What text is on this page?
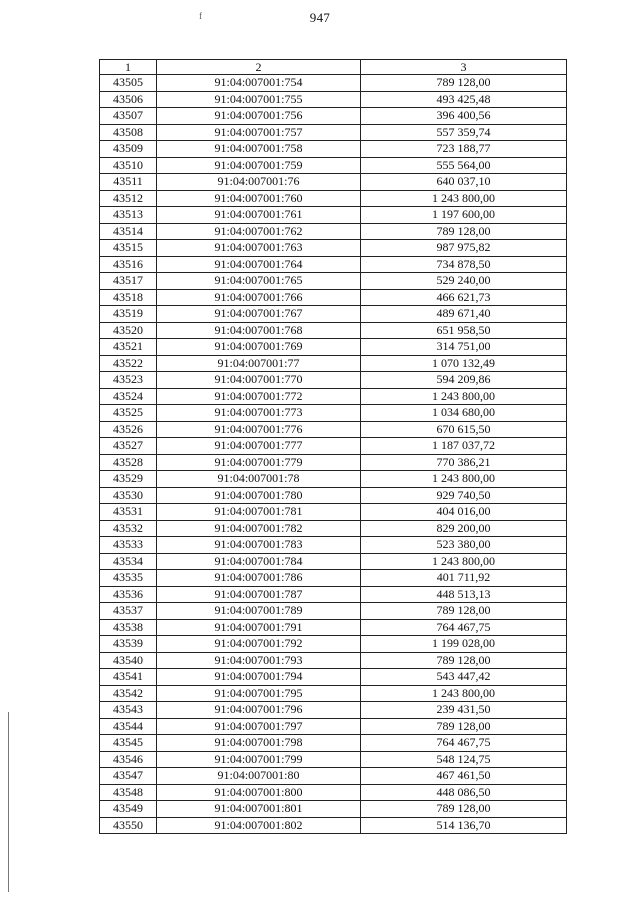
947
f
1	2	3
43505	91:04:007001:754	789 128,00
43506	91:04:007001:755	493 425,48
43507	91:04:007001:756	396 400,56
43508	91:04:007001:757	557 359,74
43509	91:04:007001:758	723 188,77
43510	91:04:007001:759	555 564,00
43511	91:04:007001:76	640 037,10
43512	91:04:007001:760	1 243 800,00
43513	91:04:007001:761	1 197 600,00
43514	91:04:007001:762	789 128,00
43515	91:04:007001:763	987 975,82
43516	91:04:007001:764	734 878,50
43517	91:04:007001:765	529 240,00
43518	91:04:007001:766	466 621,73
43519	91:04:007001:767	489 671,40
43520	91:04:007001:768	651 958,50
43521	91:04:007001:769	314 751,00
43522	91:04:007001:77	1 070 132,49
43523	91:04:007001:770	594 209,86
43524	91:04:007001:772	1 243 800,00
43525	91:04:007001:773	1 034 680,00
43526	91:04:007001:776	670 615,50
43527	91:04:007001:777	1 187 037,72
43528	91:04:007001:779	770 386,21
43529	91:04:007001:78	1 243 800,00
43530	91:04:007001:780	929 740,50
43531	91:04:007001:781	404 016,00
43532	91:04:007001:782	829 200,00
43533	91:04:007001:783	523 380,00
43534	91:04:007001:784	1 243 800,00
43535	91:04:007001:786	401 711,92
43536	91:04:007001:787	448 513,13
43537	91:04:007001:789	789 128,00
43538	91:04:007001:791	764 467,75
43539	91:04:007001:792	1 199 028,00
43540	91:04:007001:793	789 128,00
43541	91:04:007001:794	543 447,42
43542	91:04:007001:795	1 243 800,00
43543	91:04:007001:796	239 431,50
43544	91:04:007001:797	789 128,00
43545	91:04:007001:798	764 467,75
43546	91:04:007001:799	548 124,75
43547	91:04:007001:80	467 461,50
43548	91:04:007001:800	448 086,50
43549	91:04:007001:801	789 128,00
43550	91:04:007001:802	514 136,70
